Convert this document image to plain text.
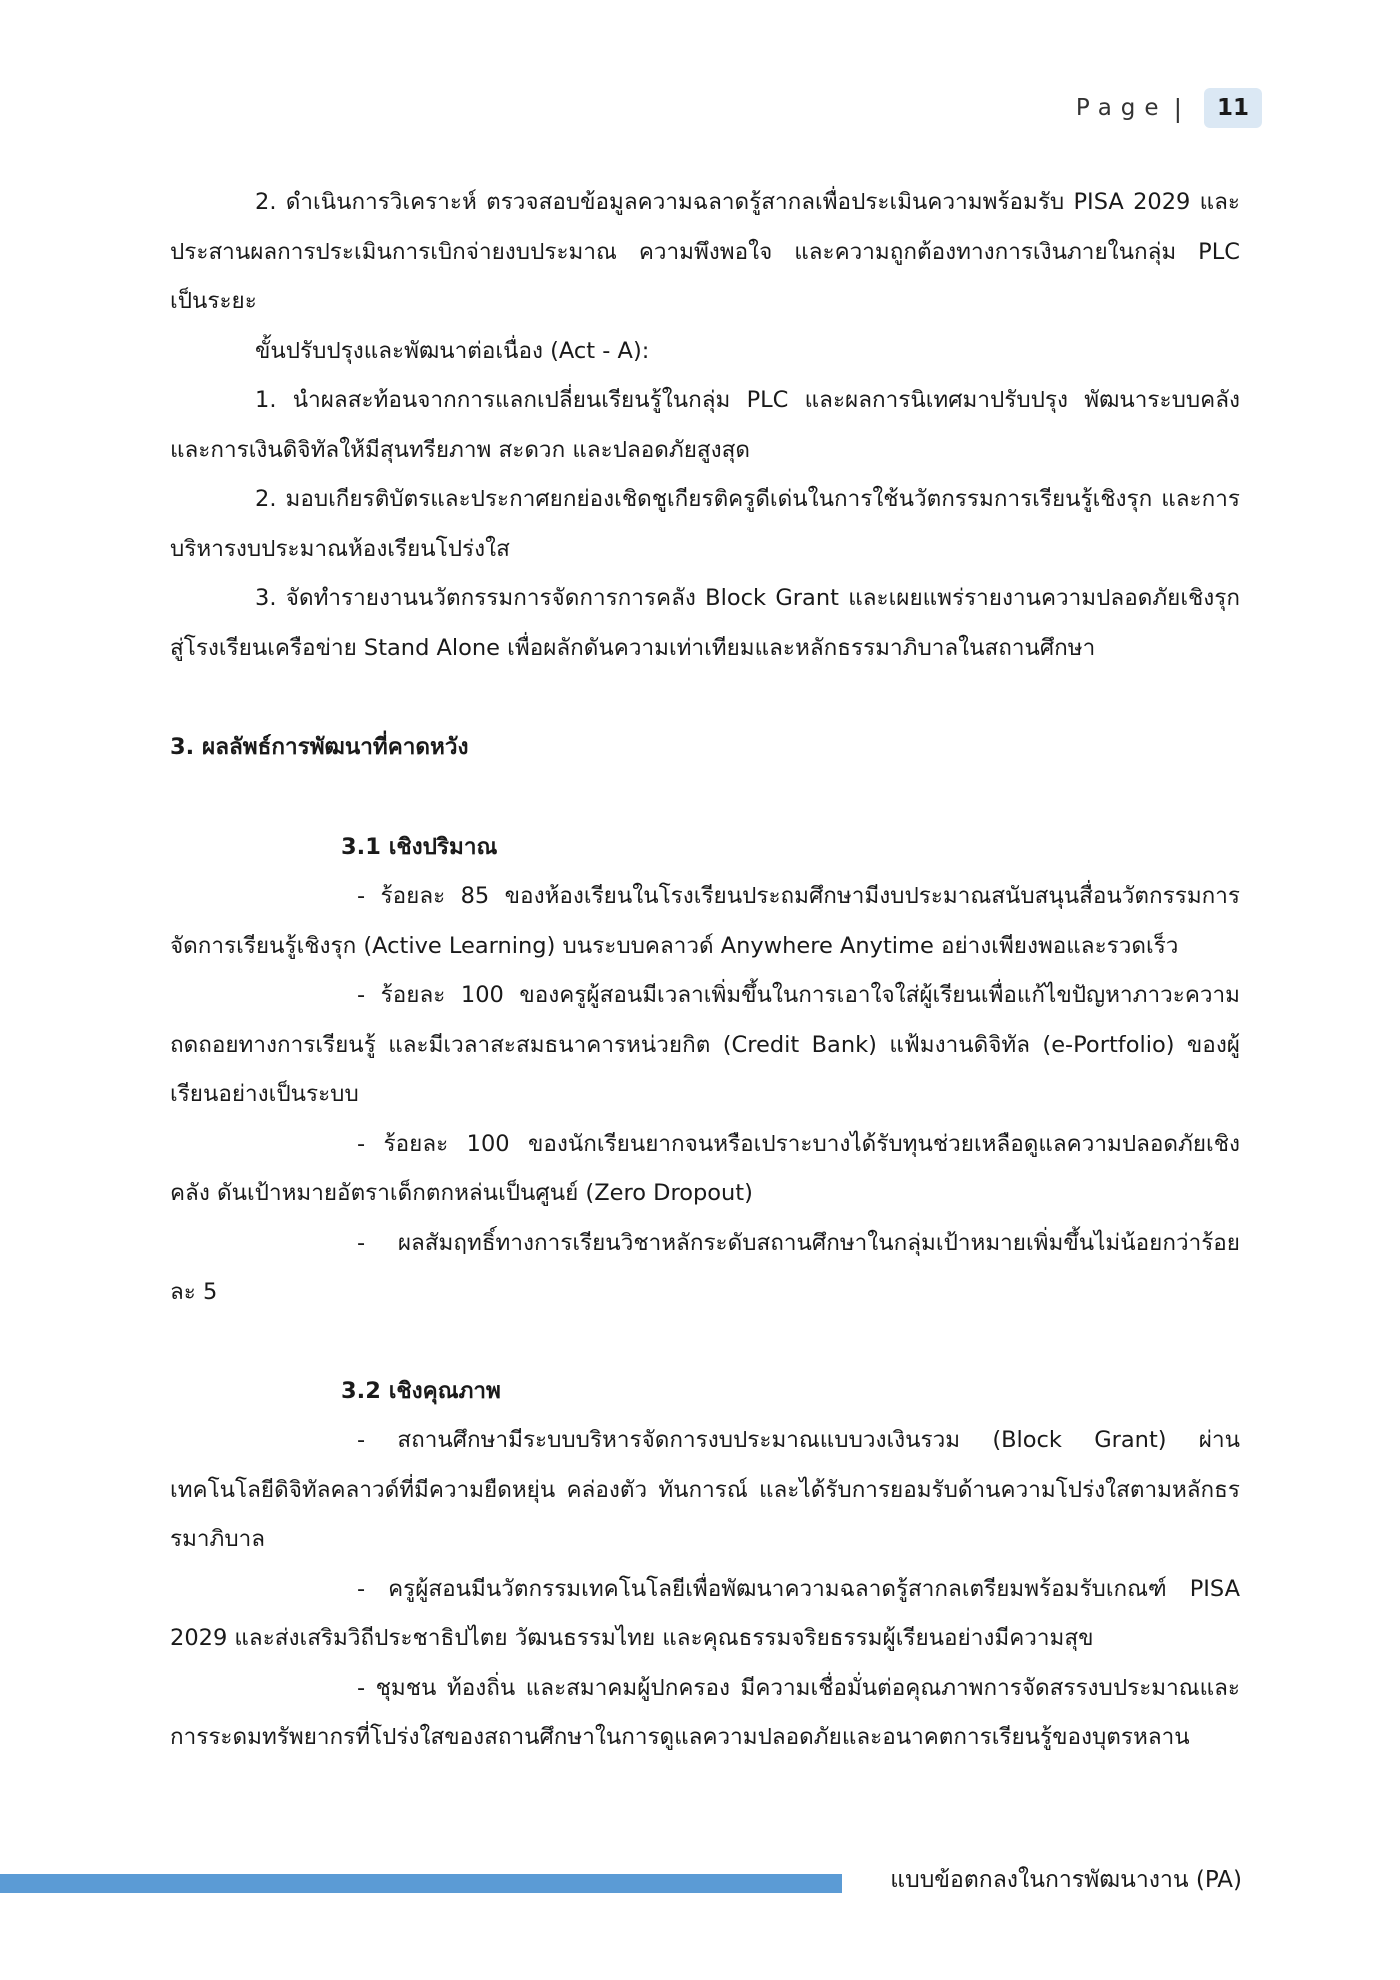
Page |	11

2. ดำเนินการวิเคราะห์ ตรวจสอบข้อมูลความฉลาดรู้สากลเพื่อประเมินความพร้อมรับ PISA 2029 และประสานผลการประเมินการเบิกจ่ายงบประมาณ ความพึงพอใจ และความถูกต้องทางการเงินภายในกลุ่ม PLC เป็นระยะ

ขั้นปรับปรุงและพัฒนาต่อเนื่อง (Act - A):

1. นำผลสะท้อนจากการแลกเปลี่ยนเรียนรู้ในกลุ่ม PLC และผลการนิเทศมาปรับปรุง พัฒนาระบบคลังและการเงินดิจิทัลให้มีสุนทรียภาพ สะดวก และปลอดภัยสูงสุด

2. มอบเกียรติบัตรและประกาศยกย่องเชิดชูเกียรติครูดีเด่นในการใช้นวัตกรรมการเรียนรู้เชิงรุก และการบริหารงบประมาณห้องเรียนโปร่งใส

3. จัดทำรายงานนวัตกรรมการจัดการการคลัง Block Grant และเผยแพร่รายงานความปลอดภัยเชิงรุกสู่โรงเรียนเครือข่าย Stand Alone เพื่อผลักดันความเท่าเทียมและหลักธรรมาภิบาลในสถานศึกษา

3. ผลลัพธ์การพัฒนาที่คาดหวัง

3.1 เชิงปริมาณ

- ร้อยละ 85 ของห้องเรียนในโรงเรียนประถมศึกษามีงบประมาณสนับสนุนสื่อนวัตกรรมการจัดการเรียนรู้เชิงรุก (Active Learning) บนระบบคลาวด์ Anywhere Anytime อย่างเพียงพอและรวดเร็ว

- ร้อยละ 100 ของครูผู้สอนมีเวลาเพิ่มขึ้นในการเอาใจใส่ผู้เรียนเพื่อแก้ไขปัญหาภาวะความถดถอยทางการเรียนรู้ และมีเวลาสะสมธนาคารหน่วยกิต (Credit Bank) แฟ้มงานดิจิทัล (e-Portfolio) ของผู้เรียนอย่างเป็นระบบ

- ร้อยละ 100 ของนักเรียนยากจนหรือเปราะบางได้รับทุนช่วยเหลือดูแลความปลอดภัยเชิงคลัง ดันเป้าหมายอัตราเด็กตกหล่นเป็นศูนย์ (Zero Dropout)

- ผลสัมฤทธิ์ทางการเรียนวิชาหลักระดับสถานศึกษาในกลุ่มเป้าหมายเพิ่มขึ้นไม่น้อยกว่าร้อยละ 5

3.2 เชิงคุณภาพ

- สถานศึกษามีระบบบริหารจัดการงบประมาณแบบวงเงินรวม (Block Grant) ผ่านเทคโนโลยีดิจิทัลคลาวด์ที่มีความยืดหยุ่น คล่องตัว ทันการณ์ และได้รับการยอมรับด้านความโปร่งใสตามหลักธรรมาภิบาล

- ครูผู้สอนมีนวัตกรรมเทคโนโลยีเพื่อพัฒนาความฉลาดรู้สากลเตรียมพร้อมรับเกณฑ์ PISA 2029 และส่งเสริมวิถีประชาธิปไตย วัฒนธรรมไทย และคุณธรรมจริยธรรมผู้เรียนอย่างมีความสุข

- ชุมชน ท้องถิ่น และสมาคมผู้ปกครอง มีความเชื่อมั่นต่อคุณภาพการจัดสรรงบประมาณและการระดมทรัพยากรที่โปร่งใสของสถานศึกษาในการดูแลความปลอดภัยและอนาคตการเรียนรู้ของบุตรหลาน

แบบข้อตกลงในการพัฒนางาน (PA)
